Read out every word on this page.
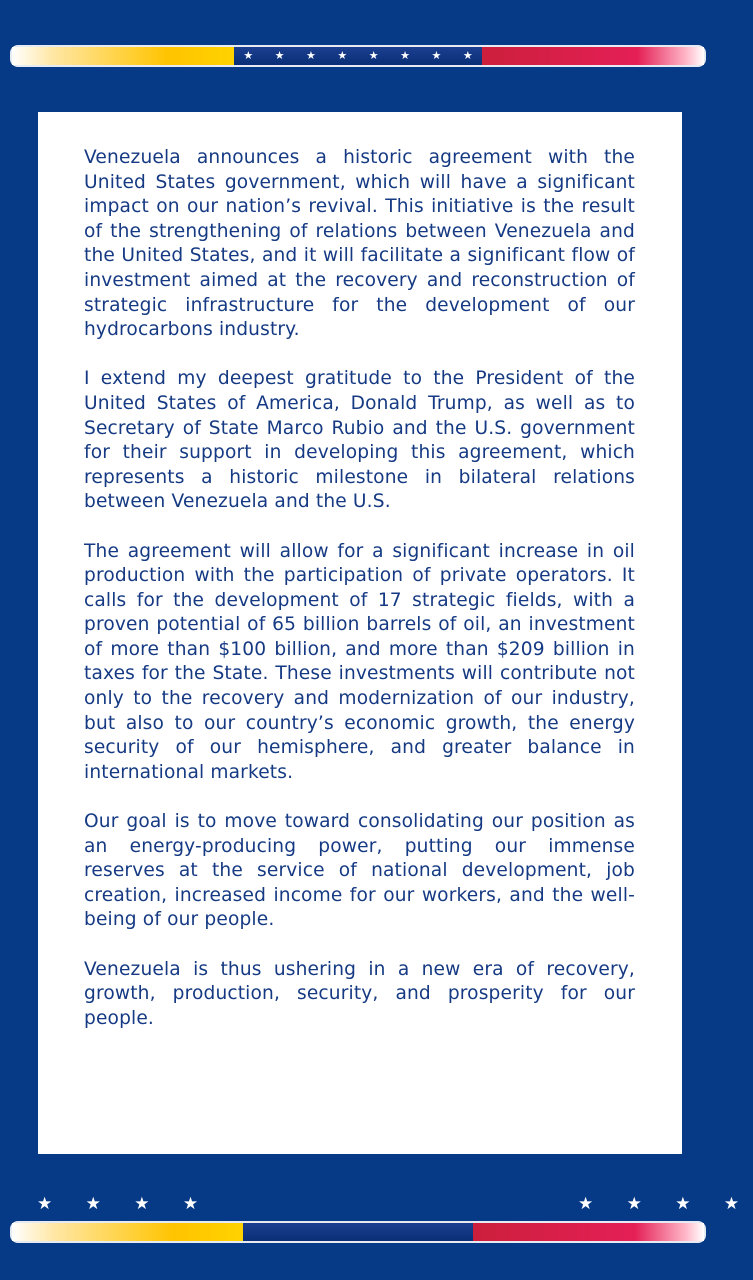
★ ★ ★ ★ ★ ★ ★ ★

Venezuela announces a historic agreement with the United States government, which will have a significant impact on our nation’s revival. This initiative is the result of the strengthening of relations between Venezuela and the United States, and it will facilitate a significant flow of investment aimed at the recovery and reconstruction of strategic infrastructure for the development of our hydrocarbons industry.

I extend my deepest gratitude to the President of the United States of America, Donald Trump, as well as to Secretary of State Marco Rubio and the U.S. government for their support in developing this agreement, which represents a historic milestone in bilateral relations between Venezuela and the U.S.

The agreement will allow for a significant increase in oil production with the participation of private operators. It calls for the development of 17 strategic fields, with a proven potential of 65 billion barrels of oil, an investment of more than $100 billion, and more than $209 billion in taxes for the State. These investments will contribute not only to the recovery and modernization of our industry, but also to our country’s economic growth, the energy security of our hemisphere, and greater balance in international markets.

Our goal is to move toward consolidating our position as an energy-producing power, putting our immense reserves at the service of national development, job creation, increased income for our workers, and the well-being of our people.

Venezuela is thus ushering in a new era of recovery, growth, production, security, and prosperity for our people.

★ ★ ★ ★	★ ★ ★ ★
